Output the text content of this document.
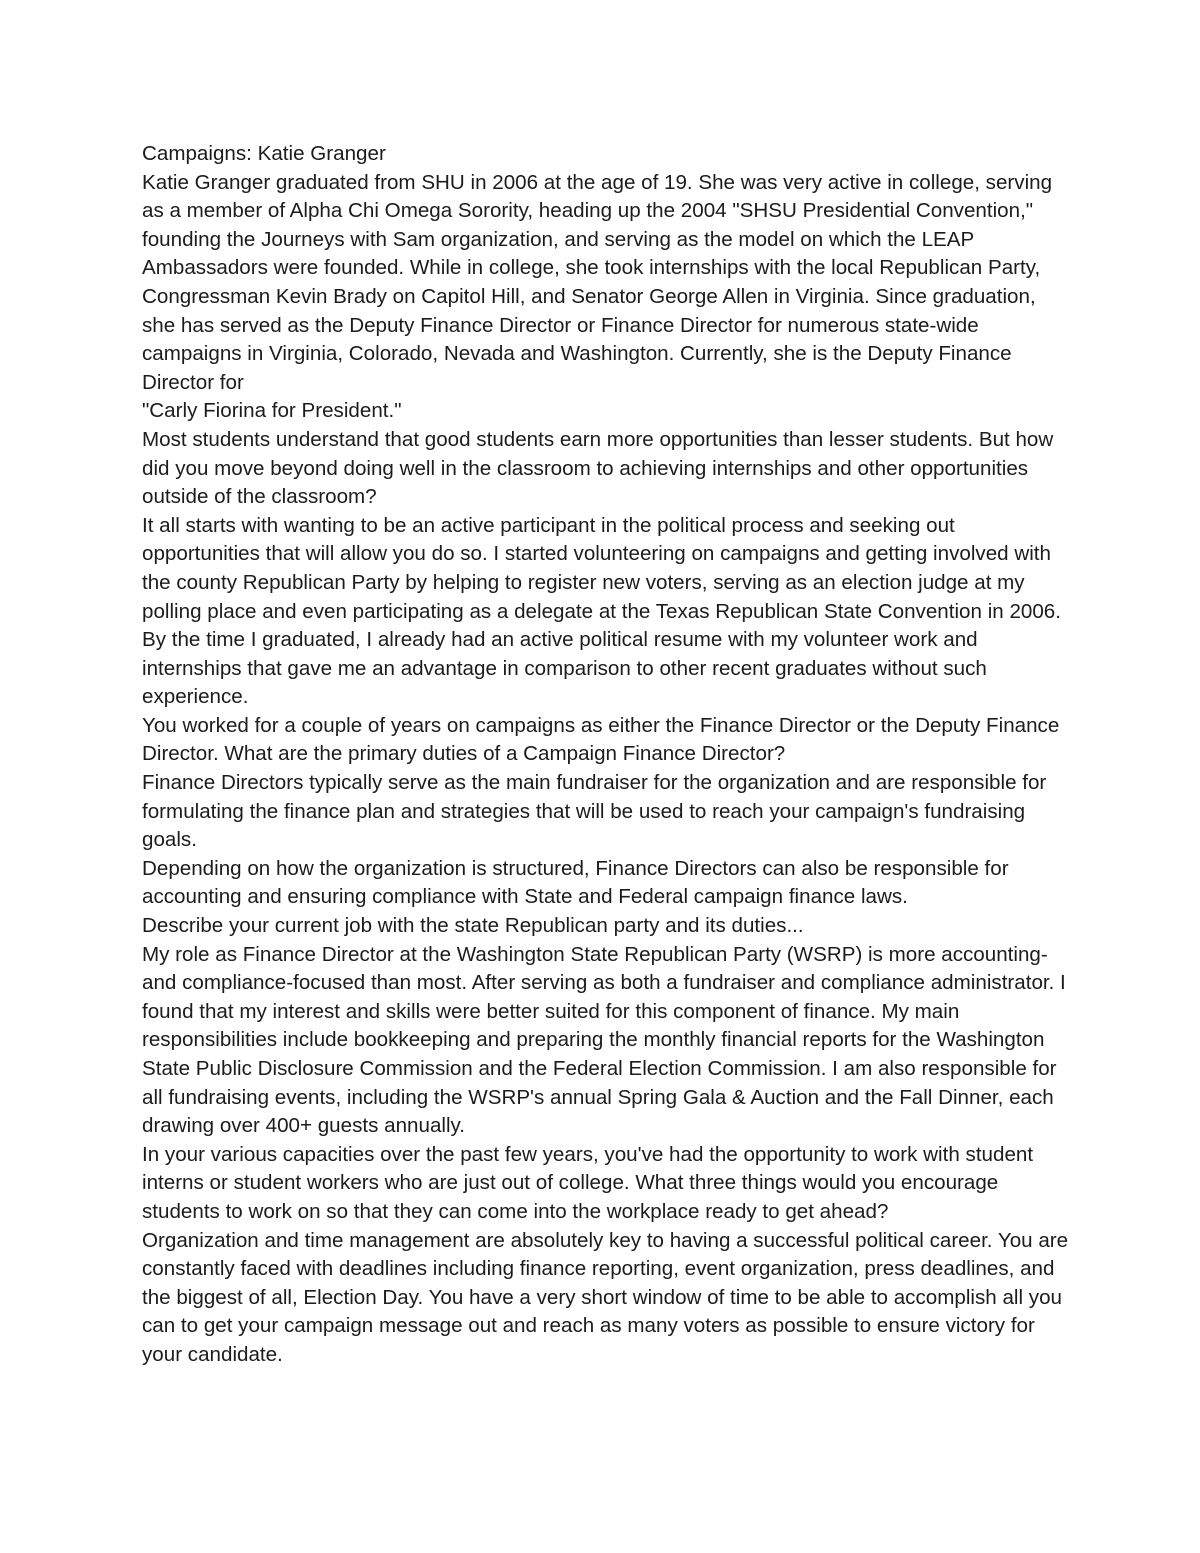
Campaigns: Katie Granger

Katie Granger graduated from SHU in 2006 at the age of 19. She was very active in college, serving as a member of Alpha Chi Omega Sorority, heading up the 2004 "SHSU Presidential Convention," founding the Journeys with Sam organization, and serving as the model on which the LEAP Ambassadors were founded. While in college, she took internships with the local Republican Party, Congressman Kevin Brady on Capitol Hill, and Senator George Allen in Virginia. Since graduation, she has served as the Deputy Finance Director or Finance Director for numerous state-wide campaigns in Virginia, Colorado, Nevada and Washington. Currently, she is the Deputy Finance Director for

"Carly Fiorina for President."

Most students understand that good students earn more opportunities than lesser students. But how did you move beyond doing well in the classroom to achieving internships and other opportunities outside of the classroom?

It all starts with wanting to be an active participant in the political process and seeking out opportunities that will allow you do so. I started volunteering on campaigns and getting involved with the county Republican Party by helping to register new voters, serving as an election judge at my polling place and even participating as a delegate at the Texas Republican State Convention in 2006. By the time I graduated, I already had an active political resume with my volunteer work and internships that gave me an advantage in comparison to other recent graduates without such experience.

You worked for a couple of years on campaigns as either the Finance Director or the Deputy Finance Director. What are the primary duties of a Campaign Finance Director?

Finance Directors typically serve as the main fundraiser for the organization and are responsible for formulating the finance plan and strategies that will be used to reach your campaign's fundraising goals.

Depending on how the organization is structured, Finance Directors can also be responsible for accounting and ensuring compliance with State and Federal campaign finance laws.

Describe your current job with the state Republican party and its duties...

My role as Finance Director at the Washington State Republican Party (WSRP) is more accounting- and compliance-focused than most. After serving as both a fundraiser and compliance administrator. I found that my interest and skills were better suited for this component of finance. My main responsibilities include bookkeeping and preparing the monthly financial reports for the Washington State Public Disclosure Commission and the Federal Election Commission. I am also responsible for all fundraising events, including the WSRP's annual Spring Gala & Auction and the Fall Dinner, each drawing over 400+ guests annually.

In your various capacities over the past few years, you've had the opportunity to work with student interns or student workers who are just out of college. What three things would you encourage students to work on so that they can come into the workplace ready to get ahead?

Organization and time management are absolutely key to having a successful political career. You are constantly faced with deadlines including finance reporting, event organization, press deadlines, and the biggest of all, Election Day. You have a very short window of time to be able to accomplish all you can to get your campaign message out and reach as many voters as possible to ensure victory for your candidate.
